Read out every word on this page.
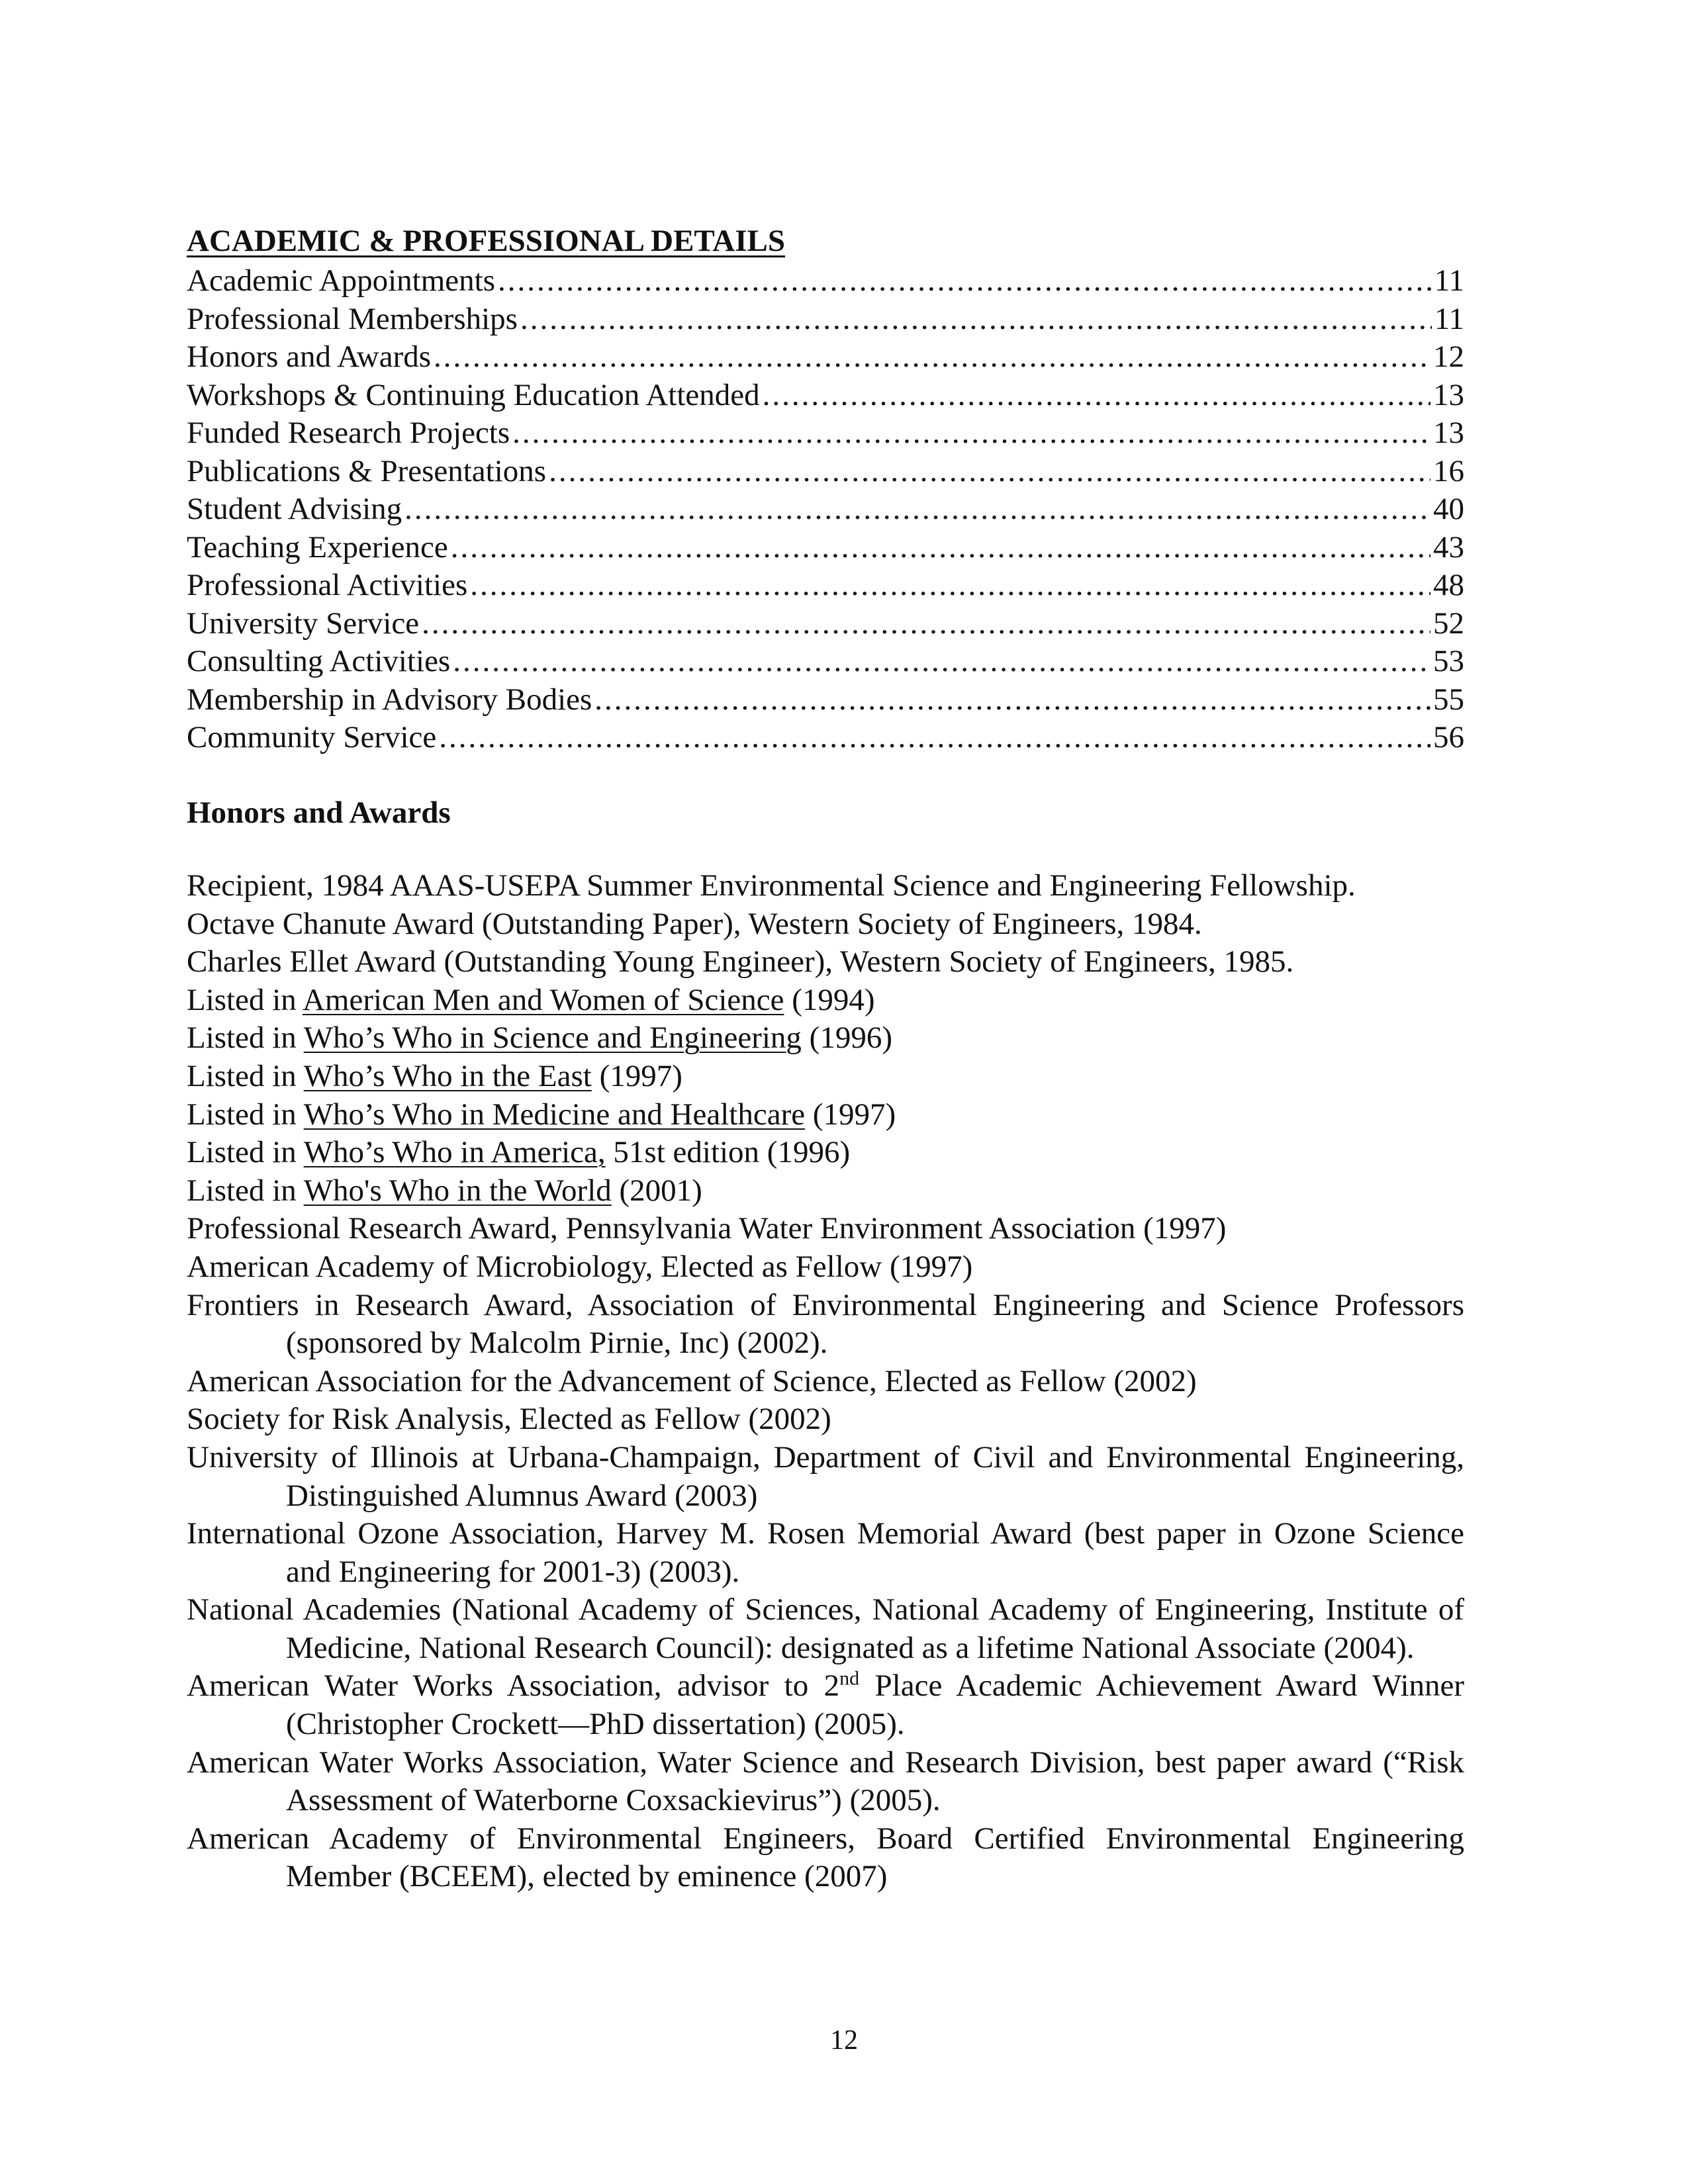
ACADEMIC & PROFESSIONAL DETAILS
Academic Appointments .....	11
Professional Memberships .....	11
Honors and Awards .....	12
Workshops & Continuing Education Attended .....	13
Funded Research Projects .....	13
Publications & Presentations .....	16
Student Advising .....	40
Teaching Experience .....	43
Professional Activities .....	48
University Service .....	52
Consulting Activities .....	53
Membership in Advisory Bodies .....	55
Community Service .....	56
Honors and Awards
Recipient, 1984 AAAS-USEPA Summer Environmental Science and Engineering Fellowship.
Octave Chanute Award (Outstanding Paper), Western Society of Engineers, 1984.
Charles Ellet Award (Outstanding Young Engineer), Western Society of Engineers, 1985.
Listed in American Men and Women of Science (1994)
Listed in Who’s Who in Science and Engineering (1996)
Listed in Who’s Who in the East (1997)
Listed in Who’s Who in Medicine and Healthcare (1997)
Listed in Who’s Who in America, 51st edition (1996)
Listed in Who's Who in the World (2001)
Professional Research Award, Pennsylvania Water Environment Association (1997)
American Academy of Microbiology, Elected as Fellow (1997)
Frontiers in Research Award, Association of Environmental Engineering and Science Professors (sponsored by Malcolm Pirnie, Inc) (2002).
American Association for the Advancement of Science, Elected as Fellow (2002)
Society for Risk Analysis, Elected as Fellow (2002)
University of Illinois at Urbana-Champaign, Department of Civil and Environmental Engineering, Distinguished Alumnus Award (2003)
International Ozone Association, Harvey M. Rosen Memorial Award (best paper in Ozone Science and Engineering for 2001-3) (2003).
National Academies (National Academy of Sciences, National Academy of Engineering, Institute of Medicine, National Research Council): designated as a lifetime National Associate (2004).
American Water Works Association, advisor to 2nd Place Academic Achievement Award Winner (Christopher Crockett—PhD dissertation) (2005).
American Water Works Association, Water Science and Research Division, best paper award (“Risk Assessment of Waterborne Coxsackievirus”) (2005).
American Academy of Environmental Engineers, Board Certified Environmental Engineering Member (BCEEM), elected by eminence (2007)

12
